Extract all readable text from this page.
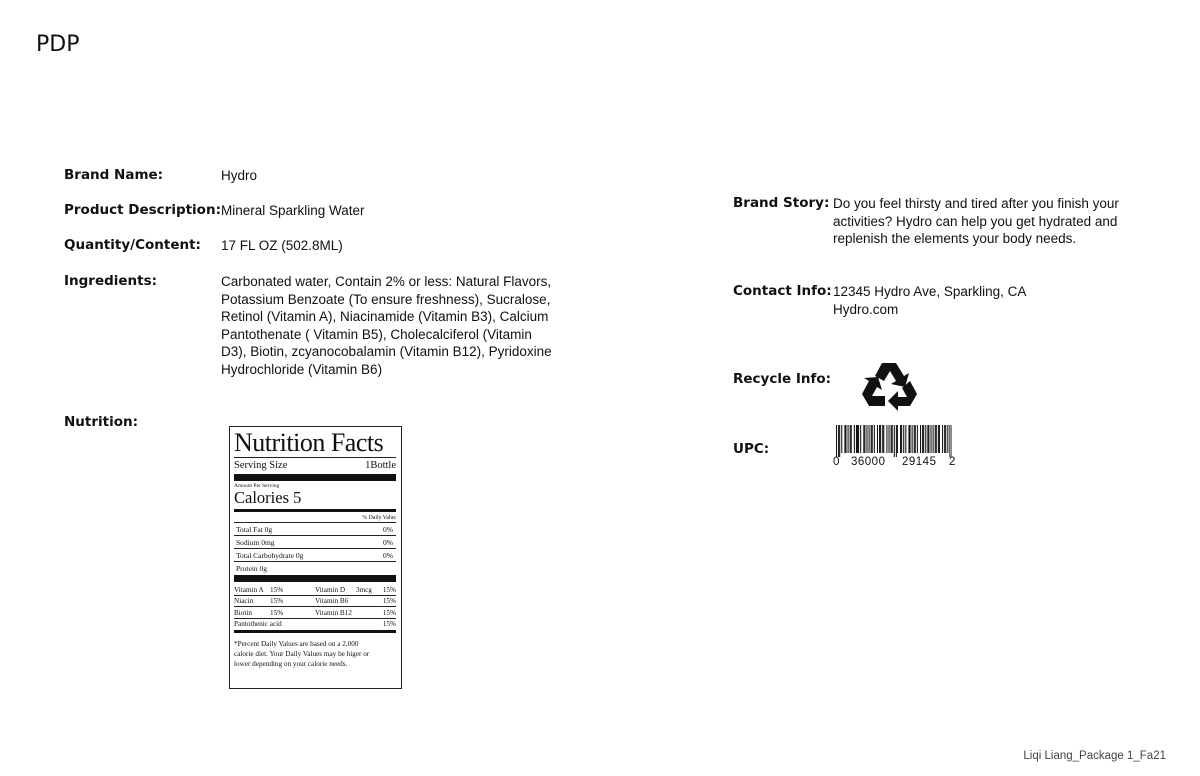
PDP
Brand Name:	Hydro
Product Description: Mineral Sparkling Water
Quantity/Content: 17 FL OZ (502.8ML)
Ingredients:	Carbonated water, Contain 2% or less: Natural Flavors,
Potassium Benzoate (To ensure freshness), Sucralose,
Retinol (Vitamin A), Niacinamide (Vitamin B3), Calcium
Pantothenate ( Vitamin B5), Cholecalciferol (Vitamin
D3), Biotin, zcyanocobalamin (Vitamin B12), Pyridoxine
Hydrochloride (Vitamin B6)
Nutrition:
Nutrition Facts
Serving Size	1Bottle
Amount Per Serving
Calories 5
% Daily Value
Total Fat 0g	0%
Sodium 0mg	0%
Total Carbohydrate 0g	0%
Protein 0g
Vitamin A 15%	Vitamin D	3mcg	15%
Niacin	15%	Vitamin B6	15%
Biotin	15%	Vitamin B12	15%
Pantothenic acid	15%
*Percent Daily Values are based on a 2,000
calorie diet. Your Daily Values may be higer or
lower depending on your calorie needs.
Brand Story: Do you feel thirsty and tired after you finish your
activities? Hydro can help you get hydrated and
replenish the elements your body needs.
Contact Info: 12345 Hydro Ave, Sparkling, CA
Hydro.com
Recycle Info:
UPC:
0 36000 29145 2
Liqi Liang_Package 1_Fa21
